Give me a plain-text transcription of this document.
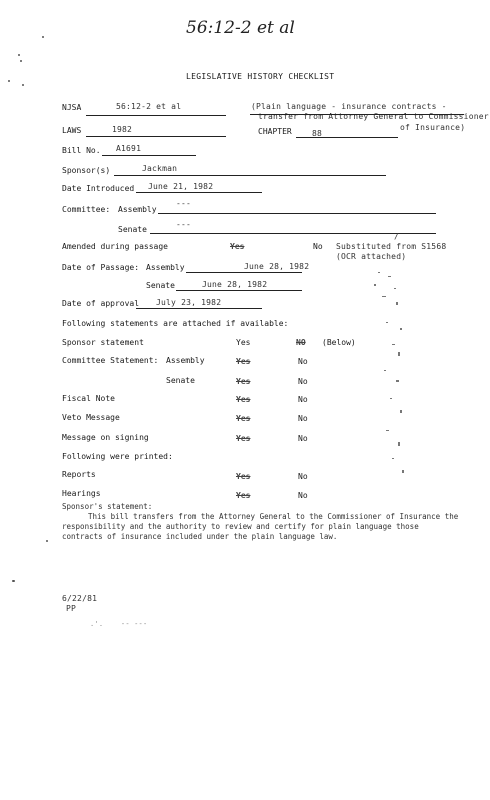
56:12-2 et al
LEGISLATIVE HISTORY CHECKLIST
NJSA	56:12-2 et al	(Plain language - insurance contracts -
transfer from Attorney General to Commissioner
of Insurance)
LAWS	1982	CHAPTER	88
Bill No. A1691
Sponsor(s)	Jackman
Date Introduced June 21, 1982
Committee: Assembly
---
Senate
---
/
Amended during passage	Yes	No Substituted from S1568
(OCR attached)
Date of Passage: Assembly	June 28, 1982
Senate	June 28, 1982
Date of approval July 23, 1982
Following statements are attached if available:
Sponsor statement	Yes	NO (Below)
Committee Statement: Assembly	Yes	No
Senate	Yes	No
Fiscal Note	Yes	No
Veto Message	Yes	No
Message on signing	Yes	No
Following were printed:
Reports	Yes	No
Hearings	Yes	No
Sponsor's statement:
This bill transfers from the Attorney General to the Commissioner of Insurance the
responsibility and the authority to review and certify for plain language those
contracts of insurance included under the plain language law.
6/22/81
PP
.'.    -- ---
